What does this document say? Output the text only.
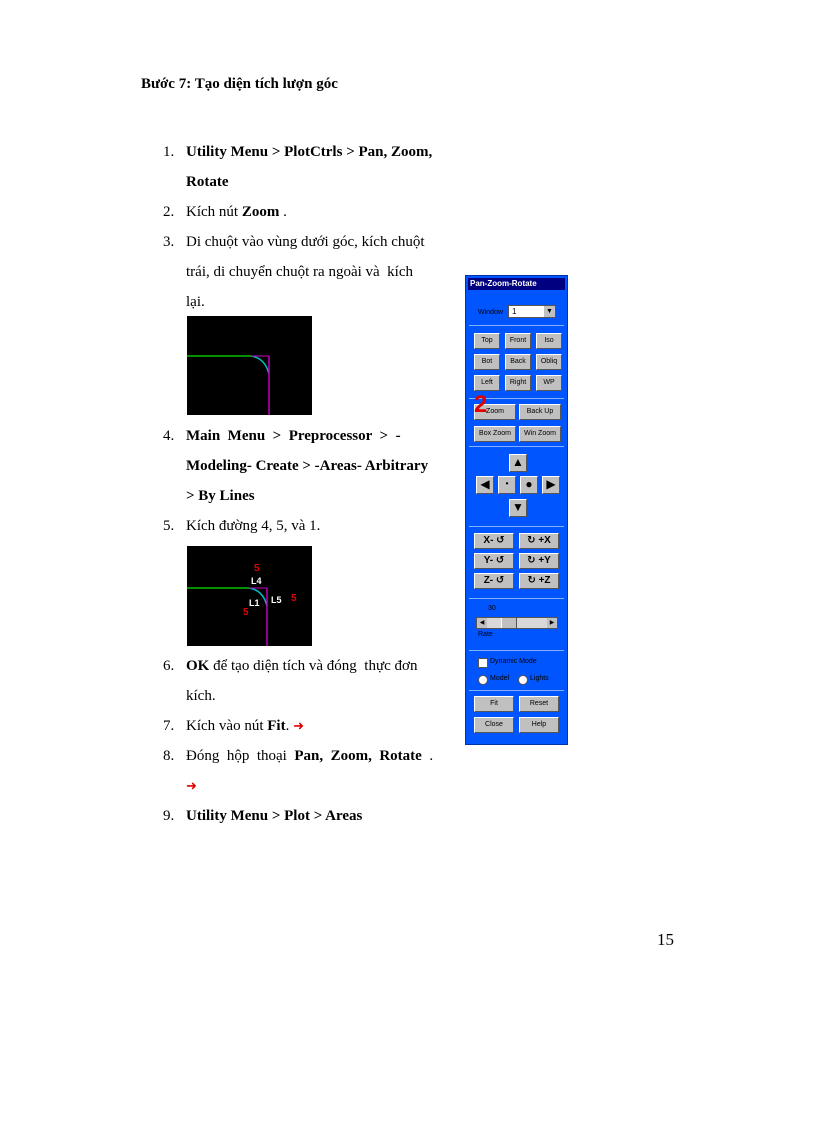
Bước 7: Tạo diện tích lượn góc
1. Utility Menu > PlotCtrls > Pan, Zoom,
Rotate
2. Kích nút Zoom .
3. Di chuột vào vùng dưới góc, kích chuột
trái, di chuyển chuột ra ngoài và  kích
lại.
4. Main  Menu  >  Preprocessor  >  -
Modeling- Create > -Areas- Arbitrary
> By Lines
5. Kích đường 4, 5, và 1.
6. OK để tạo diện tích và đóng  thực đơn
kích.
7. Kích vào nút Fit. ➜
8. Đóng  hộp  thoại  Pan,  Zoom,  Rotate  .
➜
9. Utility Menu > Plot > Areas
5
L4
L1 L5 5
5
Pan-Zoom-Rotate
Window	1	▼
Top	Front	Iso
Bot	Back	Obliq
Left	Right	WP
Zoom	Back Up
Box Zoom	Win Zoom
2
▲
◀	•	●	▶
▼
X- ↺	↻ +X
Y- ↺	↻ +Y
Z- ↺	↻ +Z
30
◀	▶
Rate
Dynamic Mode
Model	Lights
Fit	Reset
Close	Help
15
